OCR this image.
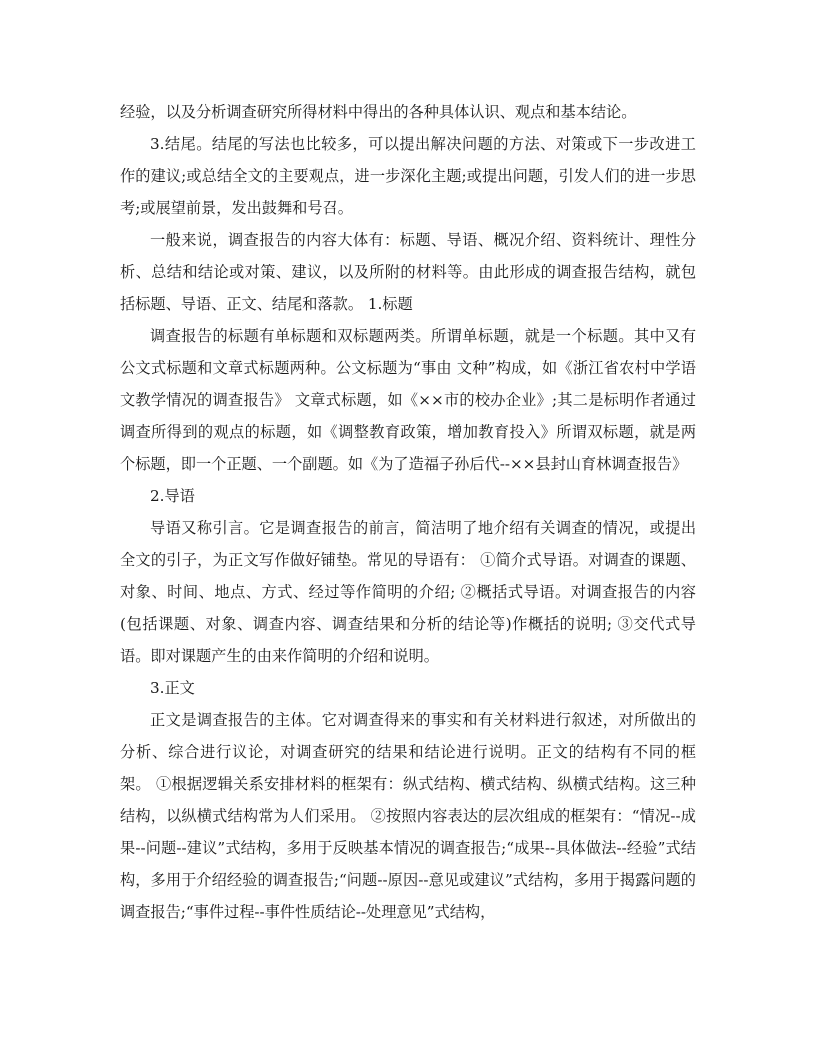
经验，以及分析调查研究所得材料中得出的各种具体认识、观点和基本结论。

3.结尾。结尾的写法也比较多，可以提出解决问题的方法、对策或下一步改进工作的建议;或总结全文的主要观点，进一步深化主题;或提出问题，引发人们的进一步思考;或展望前景，发出鼓舞和号召。

一般来说，调查报告的内容大体有：标题、导语、概况介绍、资料统计、理性分析、总结和结论或对策、建议，以及所附的材料等。由此形成的调查报告结构，就包括标题、导语、正文、结尾和落款。 1.标题

调查报告的标题有单标题和双标题两类。所谓单标题，就是一个标题。其中又有公文式标题和文章式标题两种。公文标题为“事由 文种”构成，如《浙江省农村中学语文教学情况的调查报告》 文章式标题，如《××市的校办企业》;其二是标明作者通过调查所得到的观点的标题，如《调整教育政策，增加教育投入》所谓双标题，就是两个标题，即一个正题、一个副题。如《为了造福子孙后代--××县封山育林调查报告》

2.导语

导语又称引言。它是调查报告的前言，简洁明了地介绍有关调查的情况，或提出全文的引子，为正文写作做好铺垫。常见的导语有： ①简介式导语。对调查的课题、对象、时间、地点、方式、经过等作简明的介绍; ②概括式导语。对调查报告的内容(包括课题、对象、调查内容、调查结果和分析的结论等)作概括的说明; ③交代式导语。即对课题产生的由来作简明的介绍和说明。

3.正文

正文是调查报告的主体。它对调查得来的事实和有关材料进行叙述，对所做出的分析、综合进行议论，对调查研究的结果和结论进行说明。正文的结构有不同的框架。 ①根据逻辑关系安排材料的框架有：纵式结构、横式结构、纵横式结构。这三种结构，以纵横式结构常为人们采用。 ②按照内容表达的层次组成的框架有：“情况--成果--问题--建议”式结构，多用于反映基本情况的调查报告;“成果--具体做法--经验”式结构，多用于介绍经验的调查报告;“问题--原因--意见或建议”式结构，多用于揭露问题的调查报告;“事件过程--事件性质结论--处理意见”式结构，
